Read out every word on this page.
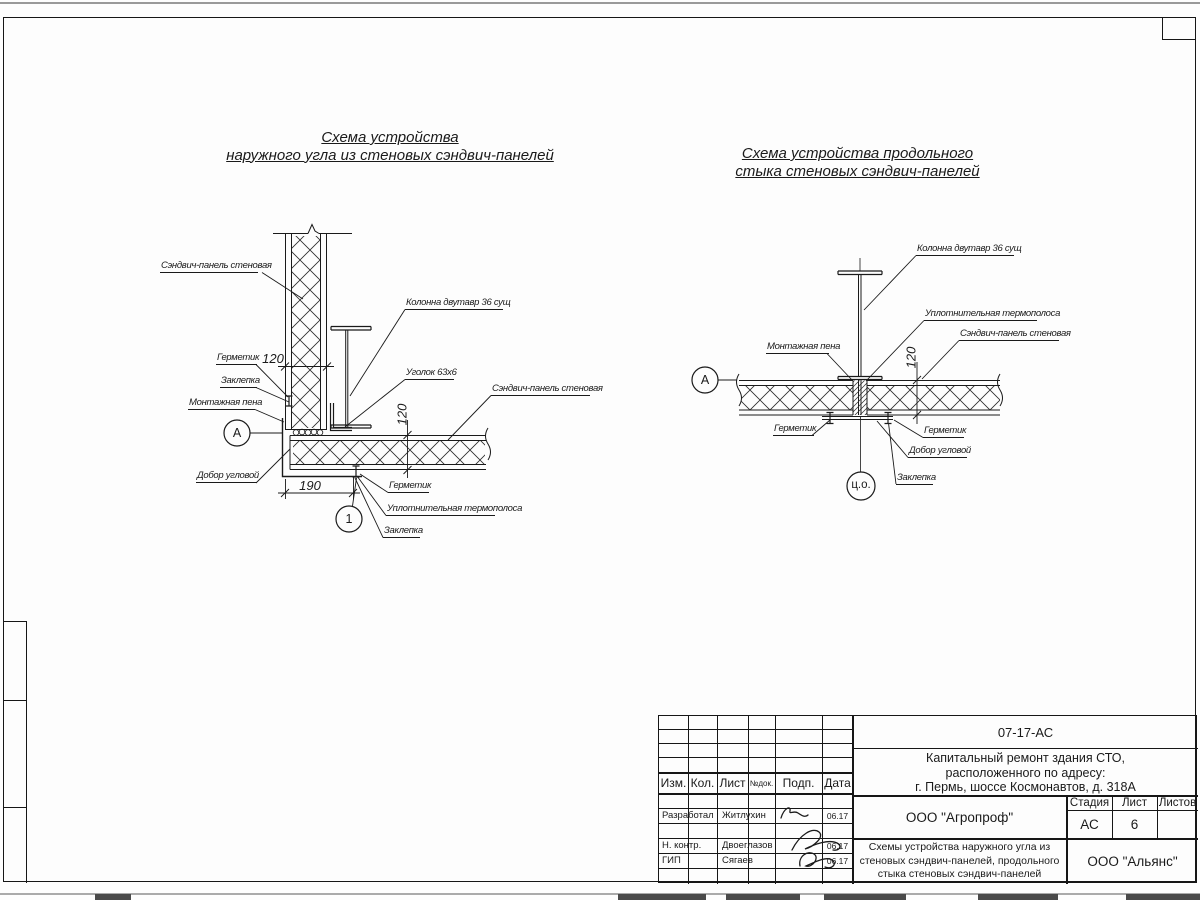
Схема устройства
наружного угла из стеновых сэндвич-панелей	Схема устройства продольного
стыка стеновых сэндвич-панелей
Сэндвич-панель стеновая
Герметик
Заклепка
Монтажная пена
Добор угловой
Колонна двутавр 36 сущ
Уголок 63х6
Сэндвич-панель стеновая
Герметик
Уплотнительная термополоса
Заклепка
120
120
190
А
1
Колонна двутавр 36 сущ
Уплотнительная термополоса
Сэндвич-панель стеновая
Монтажная пена
Герметик	Герметик
Добор угловой
Заклепка
120
А
ц.о.
07-17-АС
Капитальный ремонт здания СТО,
расположенного по адресу:
г. Пермь, шоссе Космонавтов, д. 318А
Изм. Кол. Лист №док. Подп. Дата
Разработал Житлухин	06.17
Н. контр.	Двоеглазов	06.17
ГИП	Сягаев	06.17
ООО "Агропроф"
Стадия	Лист	Листов
АС	6
Схемы устройства наружного угла из
стеновых сэндвич-панелей, продольного
стыка стеновых сэндвич-панелей
ООО "Альянс"
